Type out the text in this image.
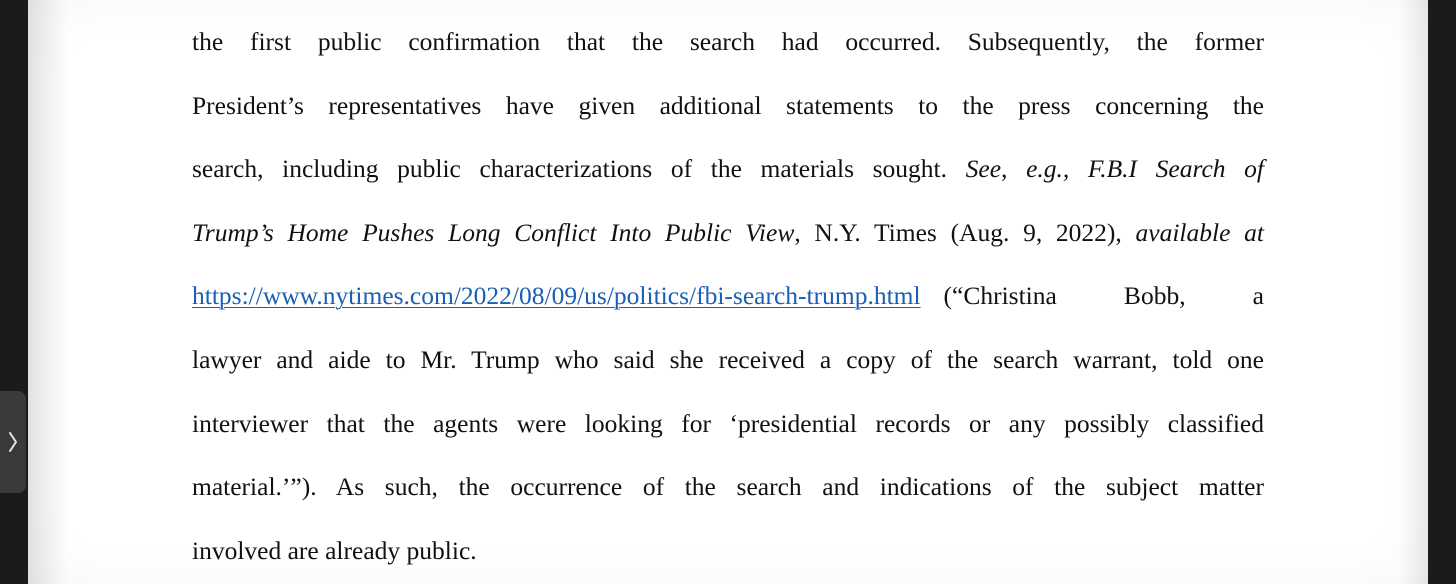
the first public confirmation that the search had occurred. Subsequently, the former
President’s representatives have given additional statements to the press concerning the
search, including public characterizations of the materials sought. See, e.g., F.B.I Search of
Trump’s Home Pushes Long Conflict Into Public View, N.Y. Times (Aug. 9, 2022), available at
https://www.nytimes.com/2022/08/09/us/politics/fbi-search-trump.html (“Christina Bobb, a
lawyer and aide to Mr. Trump who said she received a copy of the search warrant, told one
interviewer that the agents were looking for ‘presidential records or any possibly classified
material.’”). As such, the occurrence of the search and indications of the subject matter
involved are already public.
